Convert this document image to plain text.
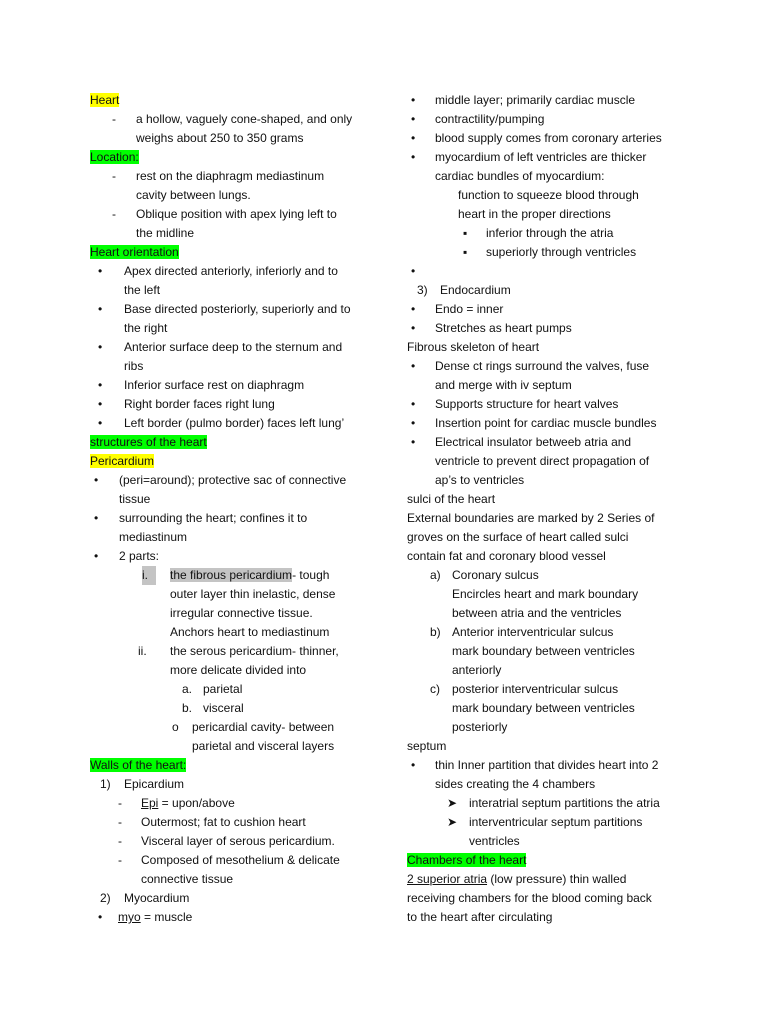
Heart
- a hollow, vaguely cone-shaped, and only
weighs about 250 to 350 grams
Location:
- rest on the diaphragm mediastinum
cavity between lungs.
- Oblique position with apex lying left to
the midline
Heart orientation
• Apex directed anteriorly, inferiorly and to
the left
• Base directed posteriorly, superiorly and to
the right
• Anterior surface deep to the sternum and
ribs
• Inferior surface rest on diaphragm
• Right border faces right lung
• Left border (pulmo border) faces left lung’
structures of the heart
Pericardium
• (peri=around); protective sac of connective
tissue
• surrounding the heart; confines it to
mediastinum
• 2 parts:
i.	the fibrous pericardium- tough
outer layer thin inelastic, dense
irregular connective tissue.
Anchors heart to mediastinum
ii. the serous pericardium- thinner,
more delicate divided into
a. parietal
b. visceral
o pericardial cavity- between
parietal and visceral layers
Walls of the heart:
1) Epicardium
- Epi = upon/above
- Outermost; fat to cushion heart
- Visceral layer of serous pericardium.
- Composed of mesothelium & delicate
connective tissue
2) Myocardium
• myo = muscle
• middle layer; primarily cardiac muscle
• contractility/pumping
• blood supply comes from coronary arteries
• myocardium of left ventricles are thicker
cardiac bundles of myocardium:
function to squeeze blood through
heart in the proper directions
▪ inferior through the atria
▪ superiorly through ventricles
•
3) Endocardium
• Endo = inner
• Stretches as heart pumps
Fibrous skeleton of heart
• Dense ct rings surround the valves, fuse
and merge with iv septum
• Supports structure for heart valves
• Insertion point for cardiac muscle bundles
• Electrical insulator betweeb atria and
ventricle to prevent direct propagation of
ap’s to ventricles
sulci of the heart
External boundaries are marked by 2 Series of
groves on the surface of heart called sulci
contain fat and coronary blood vessel
a) Coronary sulcus
Encircles heart and mark boundary
between atria and the ventricles
b) Anterior interventricular sulcus
mark boundary between ventricles
anteriorly
c) posterior interventricular sulcus
mark boundary between ventricles
posteriorly
septum
• thin Inner partition that divides heart into 2
sides creating the 4 chambers
➤ interatrial septum partitions the atria
➤ interventricular septum partitions
ventricles
Chambers of the heart
2 superior atria (low pressure) thin walled
receiving chambers for the blood coming back
to the heart after circulating
